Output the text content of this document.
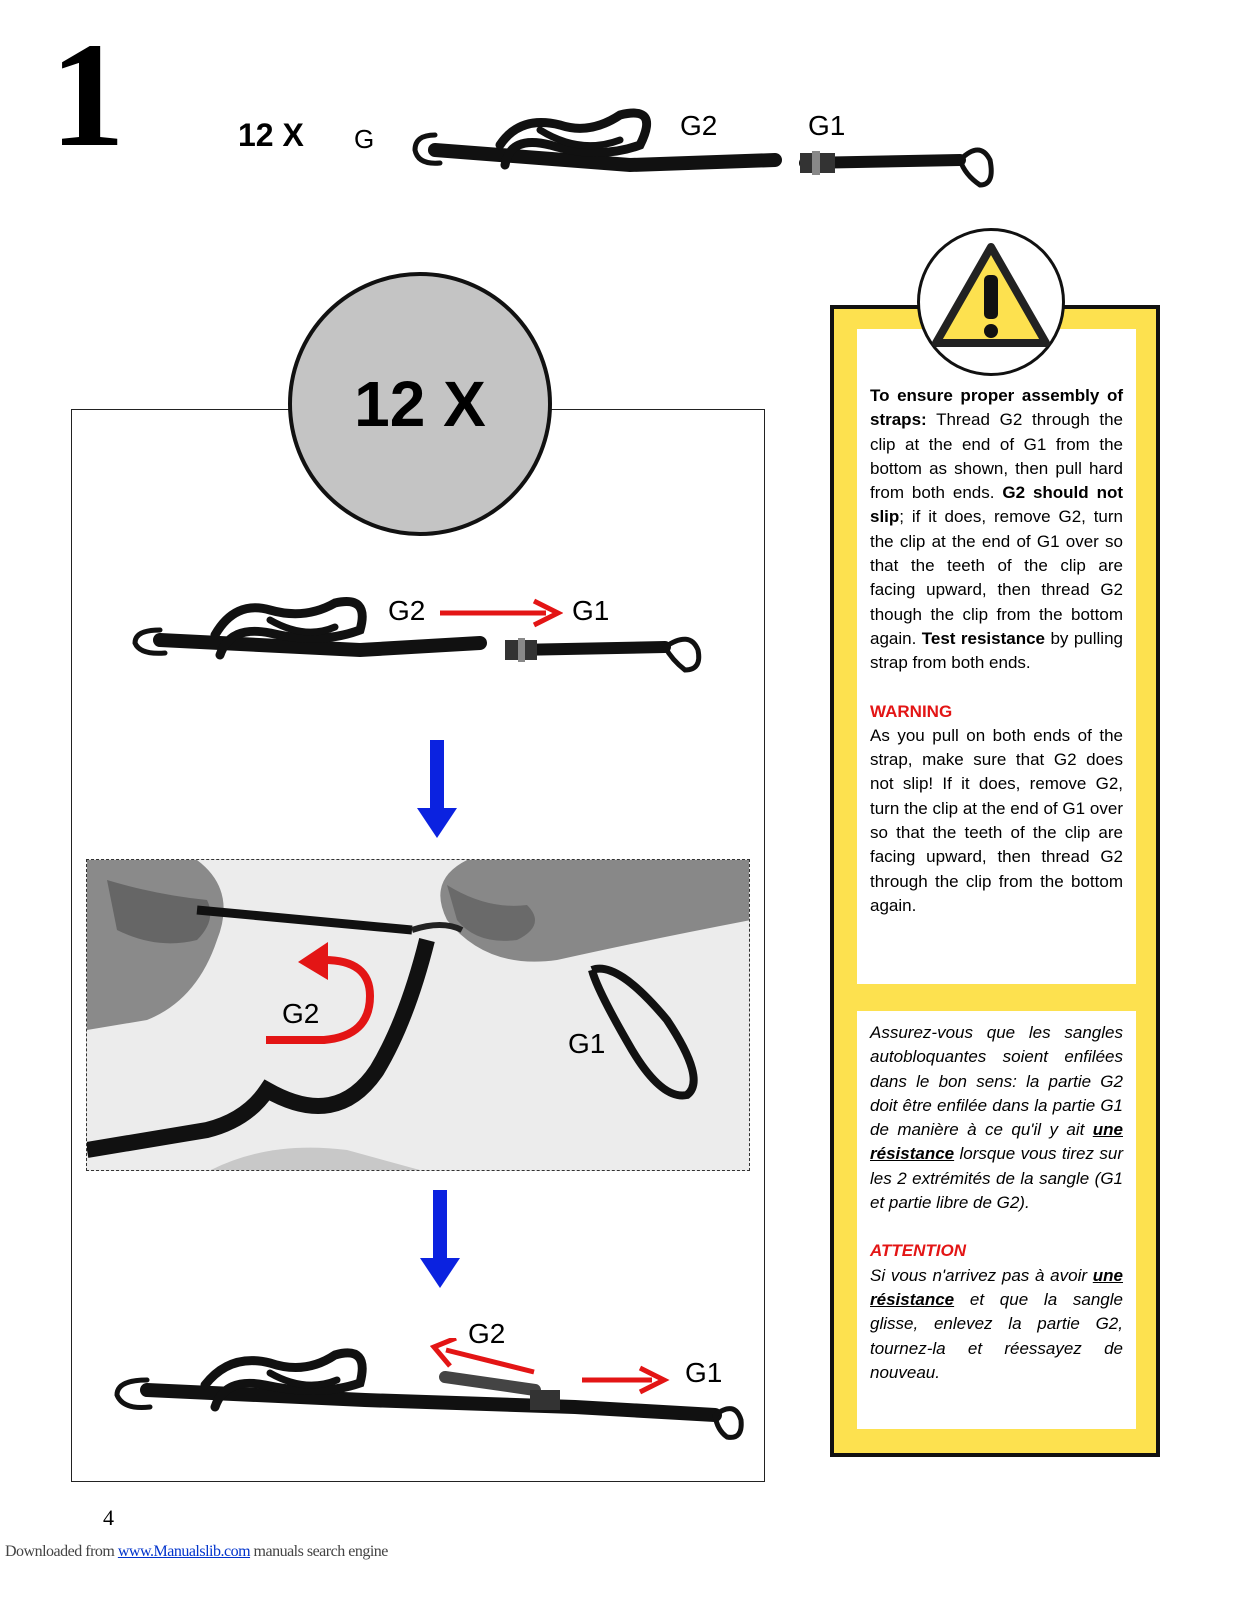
1	12 X G	G2	G1
12 X
G2	G1
G2
G1
G2
G1

To ensure proper assembly of straps: Thread G2 through the clip at the end of G1 from the bottom as shown, then pull hard from both ends. G2 should not slip; if it does, remove G2, turn the clip at the end of G1 over so that the teeth of the clip are facing upward, then thread G2 though the clip from the bottom again. Test resistance by pulling strap from both ends.

WARNING
As you pull on both ends of the strap, make sure that G2 does not slip! If it does, remove G2, turn the clip at the end of G1 over so that the teeth of the clip are facing upward, then thread G2 through the clip from the bottom again.

Assurez-vous que les sangles autobloquantes soient enfilées dans le bon sens: la partie G2 doit être enfilée dans la partie G1 de manière à ce qu'il y ait une résistance lorsque vous tirez sur les 2 extrémités de la sangle (G1 et partie libre de G2).

ATTENTION
Si vous n'arrivez pas à avoir une résistance et que la sangle glisse, enlevez la partie G2, tournez-la et réessayez de nouveau.
4
Downloaded from www.Manualslib.com manuals search engine
